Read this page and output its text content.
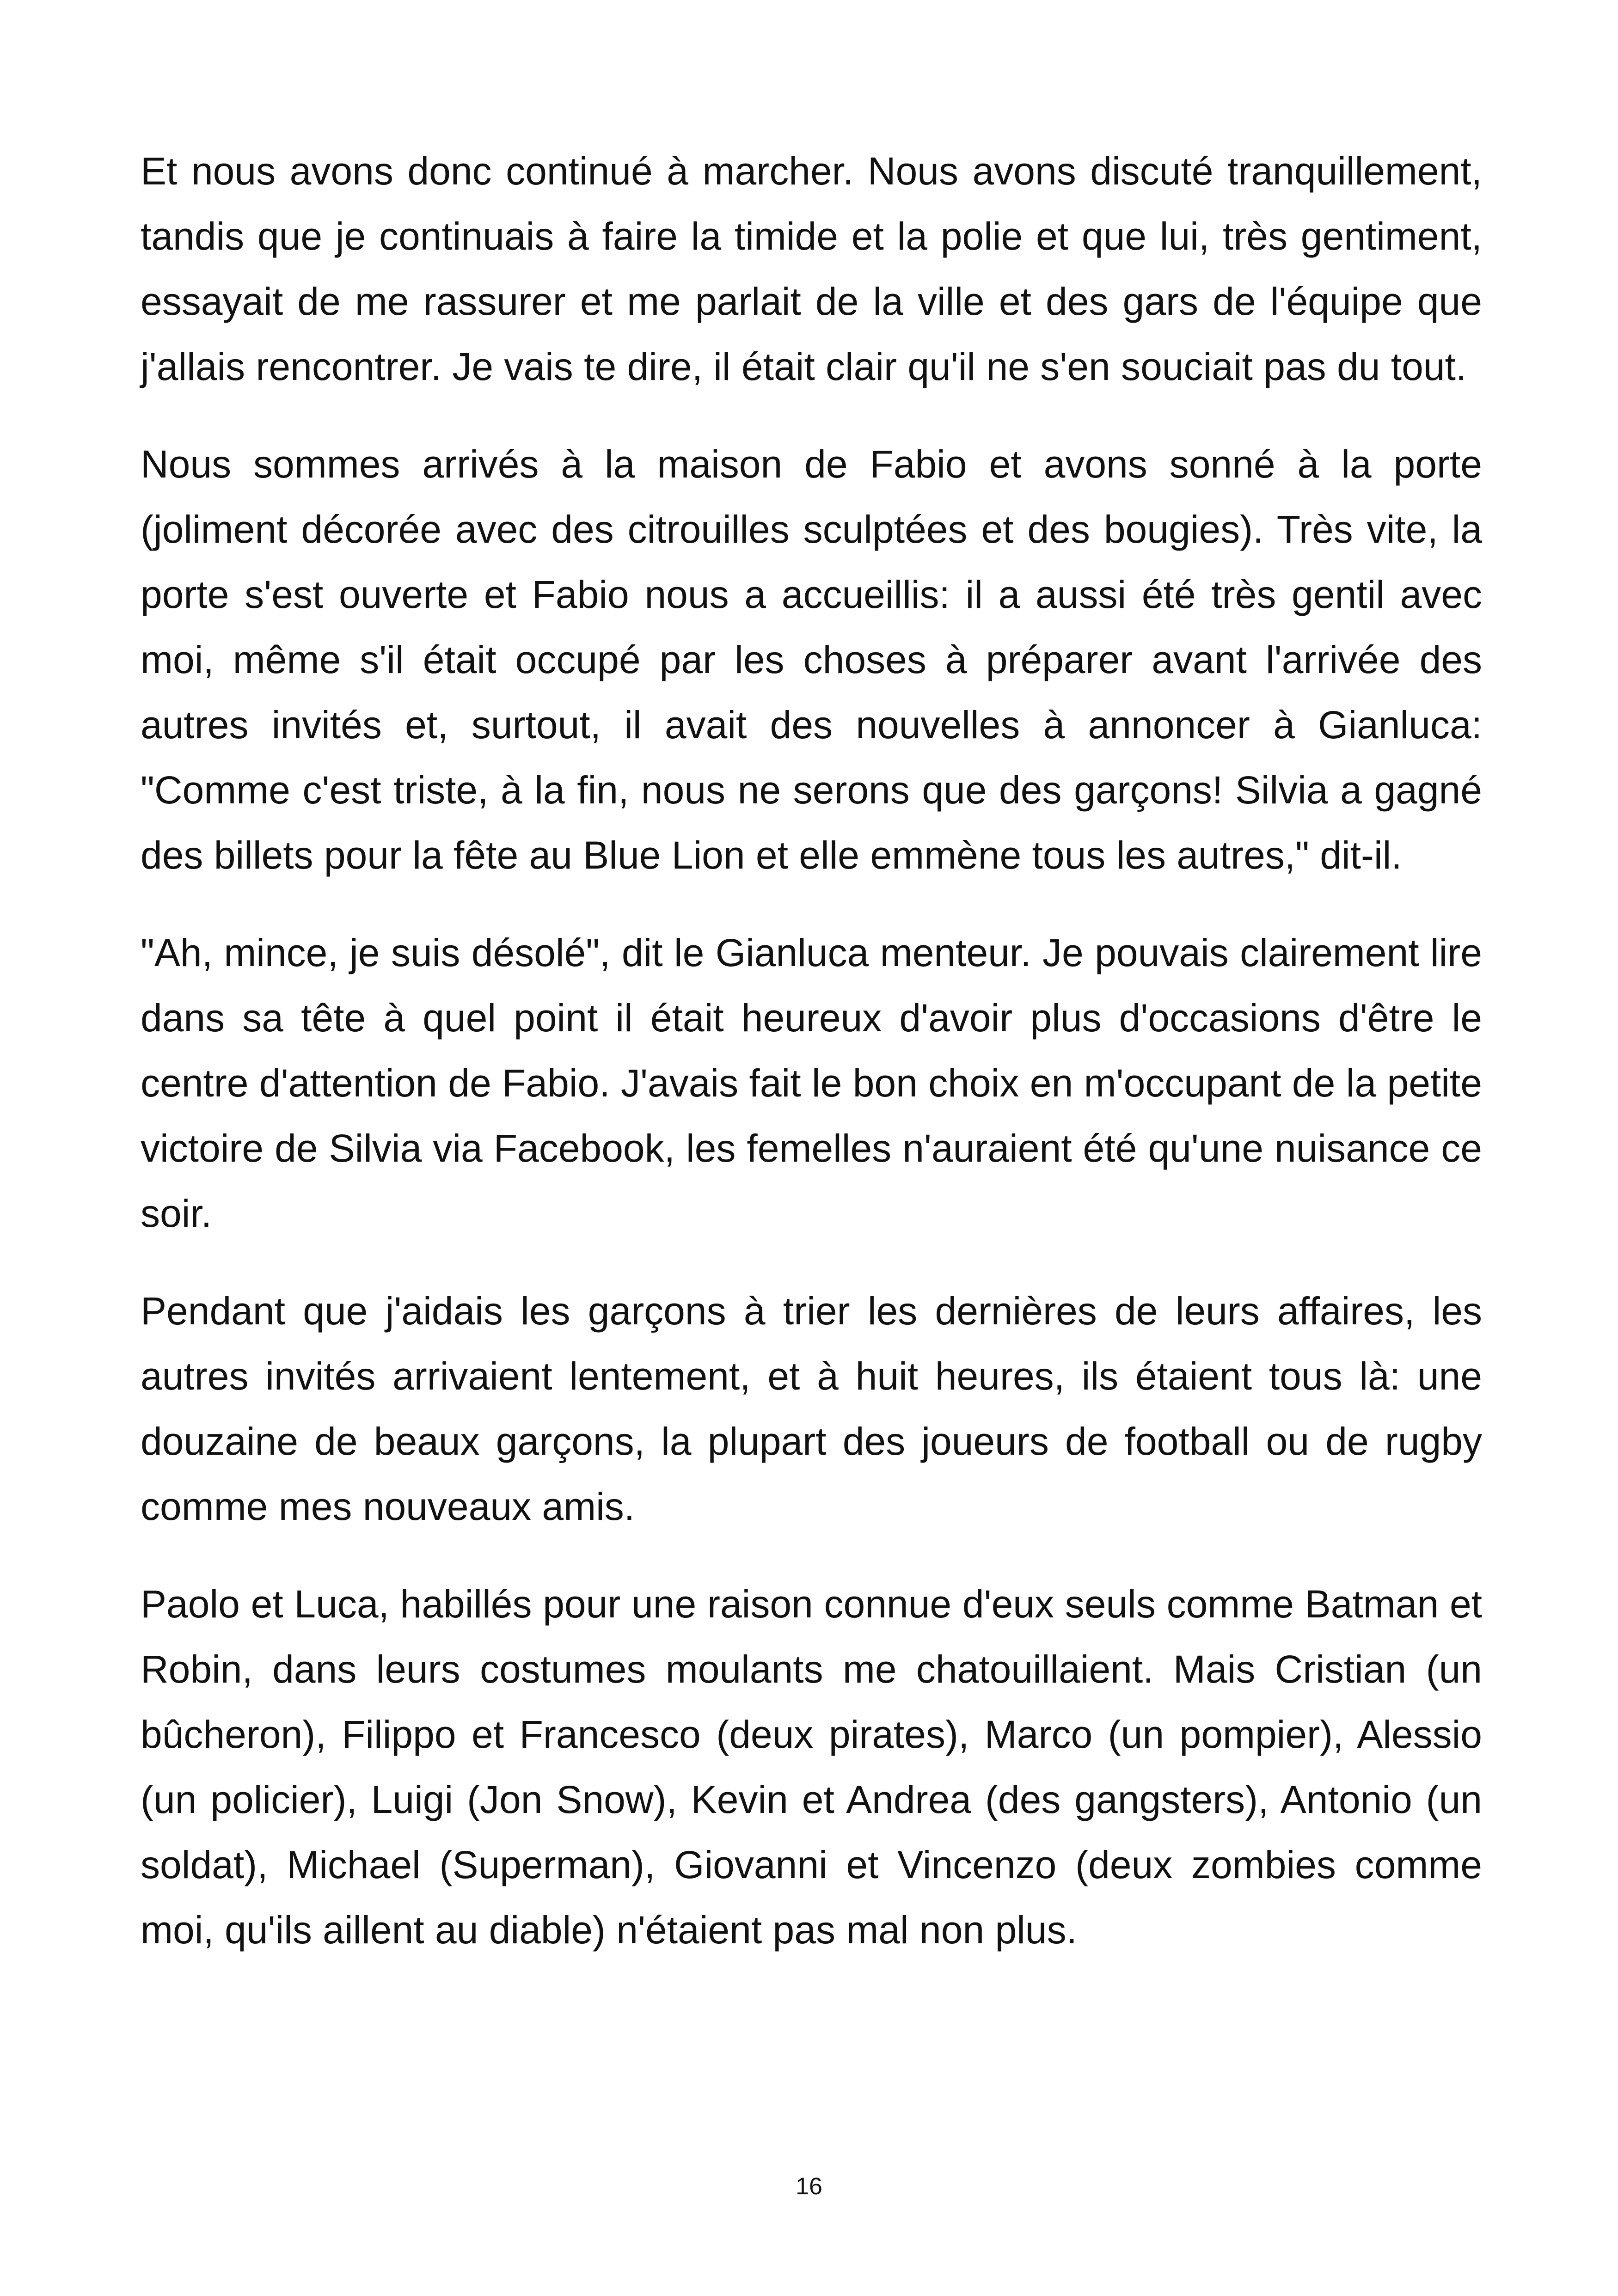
Et nous avons donc continué à marcher. Nous avons discuté tranquillement, tandis que je continuais à faire la timide et la polie et que lui, très gentiment, essayait de me rassurer et me parlait de la ville et des gars de l'équipe que j'allais rencontrer. Je vais te dire, il était clair qu'il ne s'en souciait pas du tout.

Nous sommes arrivés à la maison de Fabio et avons sonné à la porte (joliment décorée avec des citrouilles sculptées et des bougies). Très vite, la porte s'est ouverte et Fabio nous a accueillis: il a aussi été très gentil avec moi, même s'il était occupé par les choses à préparer avant l'arrivée des autres invités et, surtout, il avait des nouvelles à annoncer à Gianluca: "Comme c'est triste, à la fin, nous ne serons que des garçons! Silvia a gagné des billets pour la fête au Blue Lion et elle emmène tous les autres," dit-il.

"Ah, mince, je suis désolé", dit le Gianluca menteur. Je pouvais clairement lire dans sa tête à quel point il était heureux d'avoir plus d'occasions d'être le centre d'attention de Fabio. J'avais fait le bon choix en m'occupant de la petite victoire de Silvia via Facebook, les femelles n'auraient été qu'une nuisance ce soir.

Pendant que j'aidais les garçons à trier les dernières de leurs affaires, les autres invités arrivaient lentement, et à huit heures, ils étaient tous là: une douzaine de beaux garçons, la plupart des joueurs de football ou de rugby comme mes nouveaux amis.

Paolo et Luca, habillés pour une raison connue d'eux seuls comme Batman et Robin, dans leurs costumes moulants me chatouillaient. Mais Cristian (un bûcheron), Filippo et Francesco (deux pirates), Marco (un pompier), Alessio (un policier), Luigi (Jon Snow), Kevin et Andrea (des gangsters), Antonio (un soldat), Michael (Superman), Giovanni et Vincenzo (deux zombies comme moi, qu'ils aillent au diable) n'étaient pas mal non plus.

16
